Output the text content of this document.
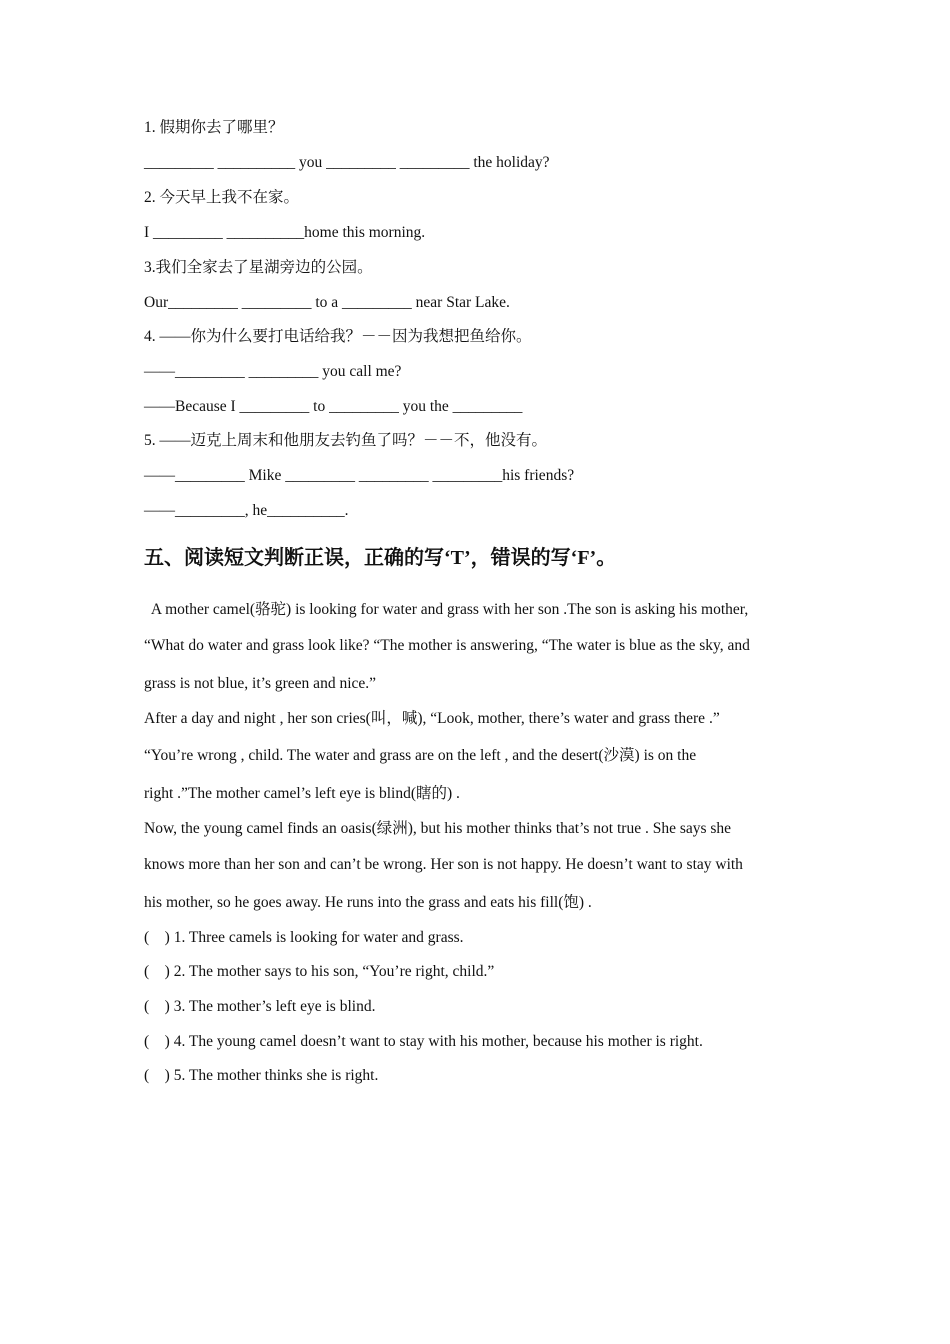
1. 假期你去了哪里？
_________ __________ you _________ _________ the holiday?
2. 今天早上我不在家。
I _________ __________home this morning.
3.我们全家去了星湖旁边的公园。
Our_________ _________ to a _________ near Star Lake.
4. ——你为什么要打电话给我？－－因为我想把鱼给你。
——_________ _________ you call me?
——Because I _________ to _________ you the _________
5. ——迈克上周末和他朋友去钓鱼了吗？－－不，他没有。
——_________ Mike _________ _________ _________his friends?
——_________, he__________.
五、阅读短文判断正误，正确的写‘T’，错误的写‘F’。
A mother camel(骆驼) is looking for water and grass with her son .The son is asking his mother,
“What do water and grass look like? “The mother is answering, “The water is blue as the sky, and
grass is not blue, it’s green and nice.”
After a day and night , her son cries(叫，喊), “Look, mother, there’s water and grass there .”
“You’re wrong , child. The water and grass are on the left , and the desert(沙漠) is on the
right .”The mother camel’s left eye is blind(瞎的) .
Now, the young camel finds an oasis(绿洲), but his mother thinks that’s not true . She says she
knows more than her son and can’t be wrong. Her son is not happy. He doesn’t want to stay with
his mother, so he goes away. He runs into the grass and eats his fill(饱) .
(    ) 1. Three camels is looking for water and grass.
(    ) 2. The mother says to his son, “You’re right, child.”
(    ) 3. The mother’s left eye is blind.
(    ) 4. The young camel doesn’t want to stay with his mother, because his mother is right.
(    ) 5. The mother thinks she is right.
